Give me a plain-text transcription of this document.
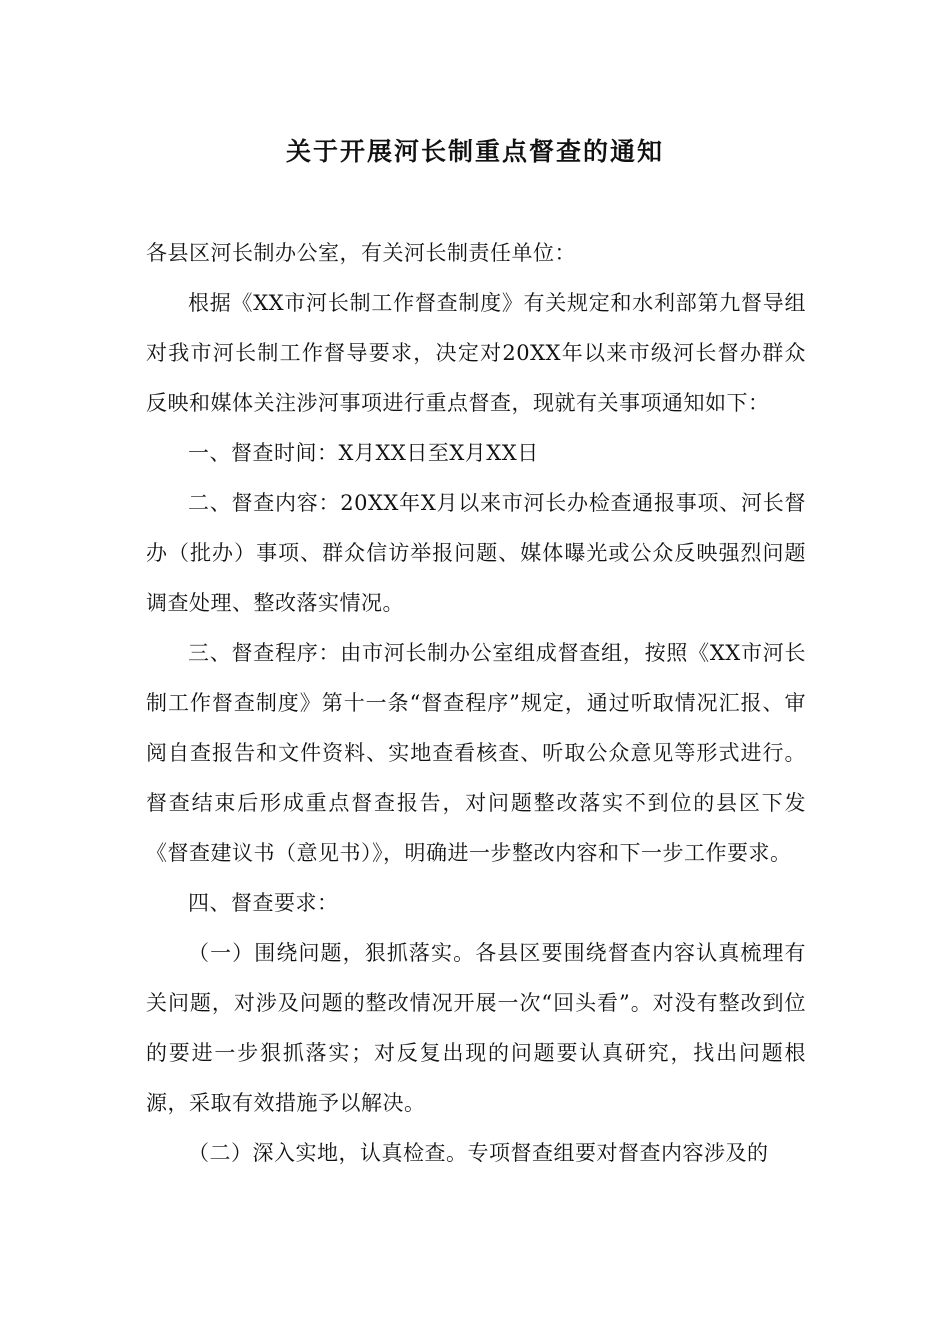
关于开展河长制重点督查的通知

各县区河长制办公室，有关河长制责任单位：

根据《XX市河长制工作督查制度》有关规定和水利部第九督导组对我市河长制工作督导要求，决定对20XX年以来市级河长督办群众反映和媒体关注涉河事项进行重点督查，现就有关事项通知如下：

一、督查时间：X月XX日至X月XX日

二、督查内容：20XX年X月以来市河长办检查通报事项、河长督办（批办）事项、群众信访举报问题、媒体曝光或公众反映强烈问题调查处理、整改落实情况。

三、督查程序：由市河长制办公室组成督查组，按照《XX市河长制工作督查制度》第十一条“督查程序”规定，通过听取情况汇报、审阅自查报告和文件资料、实地查看核查、听取公众意见等形式进行。督查结束后形成重点督查报告，对问题整改落实不到位的县区下发《督查建议书（意见书）》，明确进一步整改内容和下一步工作要求。

四、督查要求：

（一）围绕问题，狠抓落实。各县区要围绕督查内容认真梳理有关问题，对涉及问题的整改情况开展一次“回头看”。对没有整改到位的要进一步狠抓落实；对反复出现的问题要认真研究，找出问题根源，采取有效措施予以解决。

（二）深入实地，认真检查。专项督查组要对督查内容涉及的
